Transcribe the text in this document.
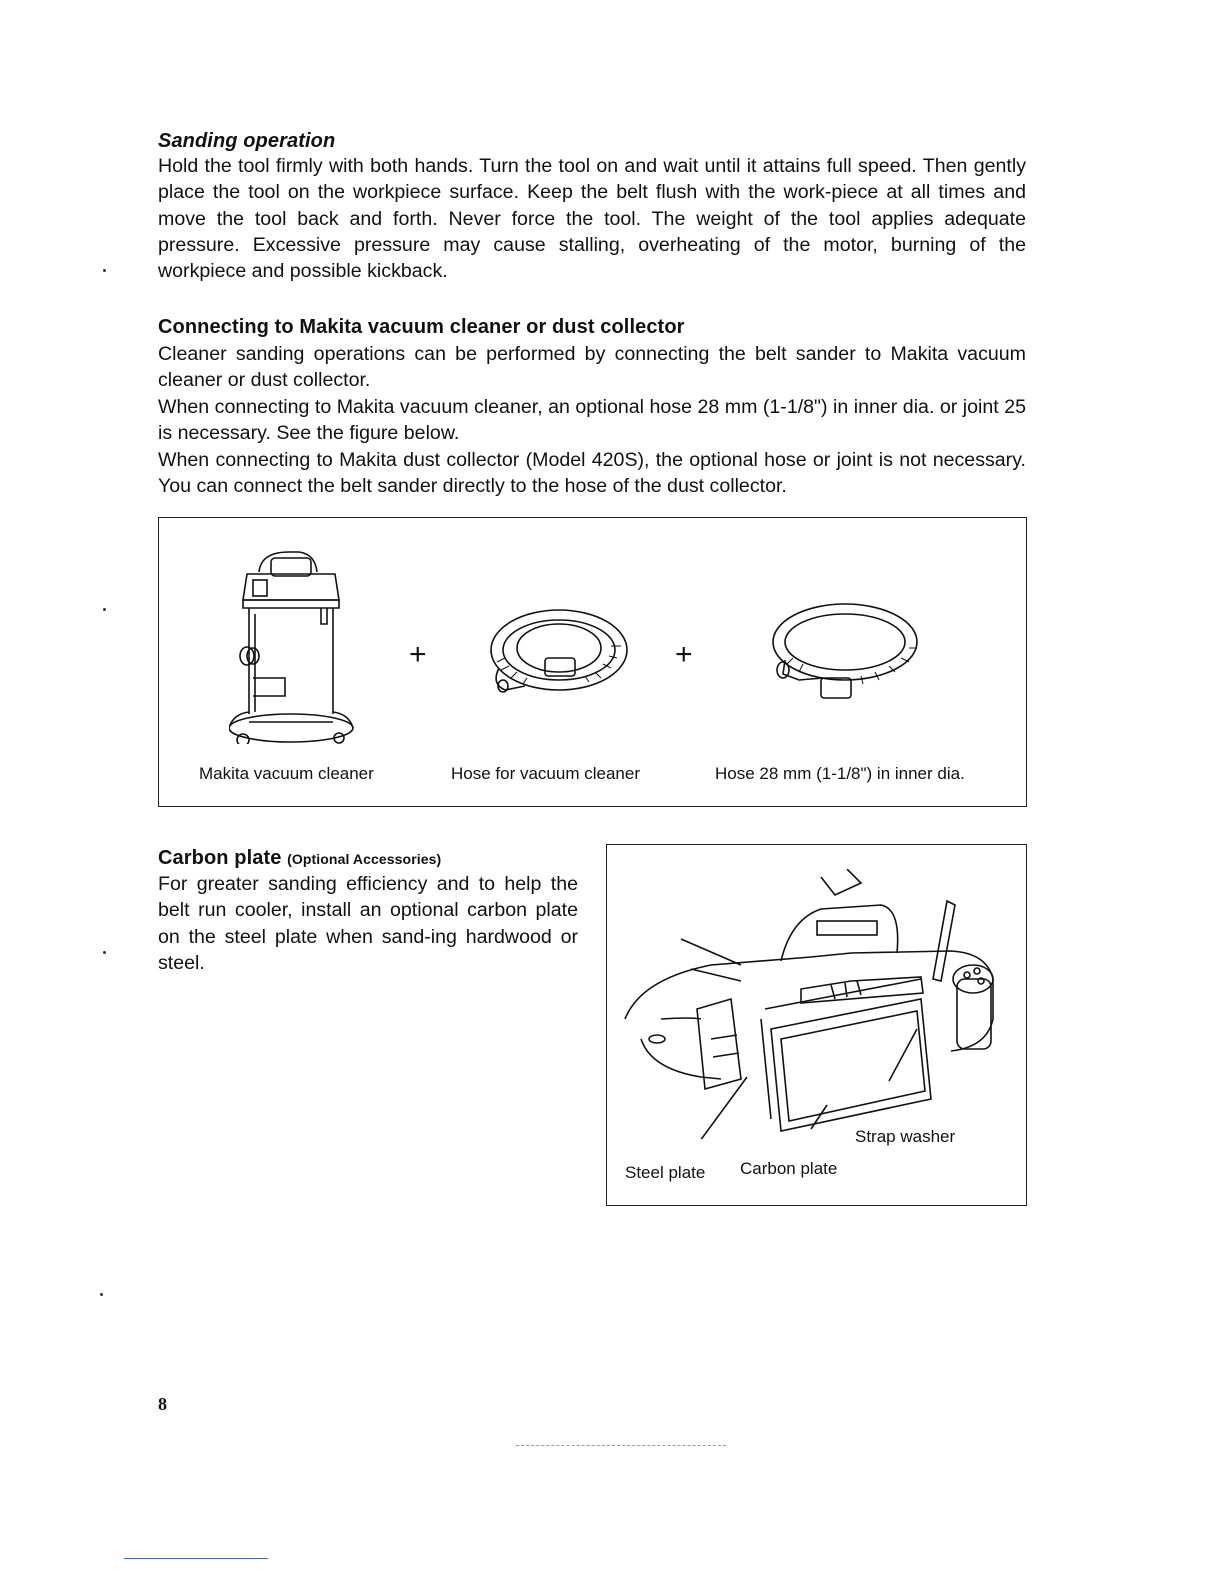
Sanding operation
Hold the tool firmly with both hands. Turn the tool on and wait until it attains full speed. Then gently place the tool on the workpiece surface. Keep the belt flush with the work-piece at all times and move the tool back and forth. Never force the tool. The weight of the tool applies adequate pressure. Excessive pressure may cause stalling, overheating of the motor, burning of the workpiece and possible kickback.
Connecting to Makita vacuum cleaner or dust collector
Cleaner sanding operations can be performed by connecting the belt sander to Makita vacuum cleaner or dust collector.
When connecting to Makita vacuum cleaner, an optional hose 28 mm (1-1/8") in inner dia. or joint 25 is necessary. See the figure below.
When connecting to Makita dust collector (Model 420S), the optional hose or joint is not necessary. You can connect the belt sander directly to the hose of the dust collector.
+	+
Makita vacuum cleaner	Hose for vacuum cleaner	Hose 28 mm (1-1/8") in inner dia.
Carbon plate (Optional Accessories)
For greater sanding efficiency and to help the belt run cooler, install an optional carbon plate on the steel plate when sand-ing hardwood or steel.
Strap washer
Steel plate Carbon plate
8
